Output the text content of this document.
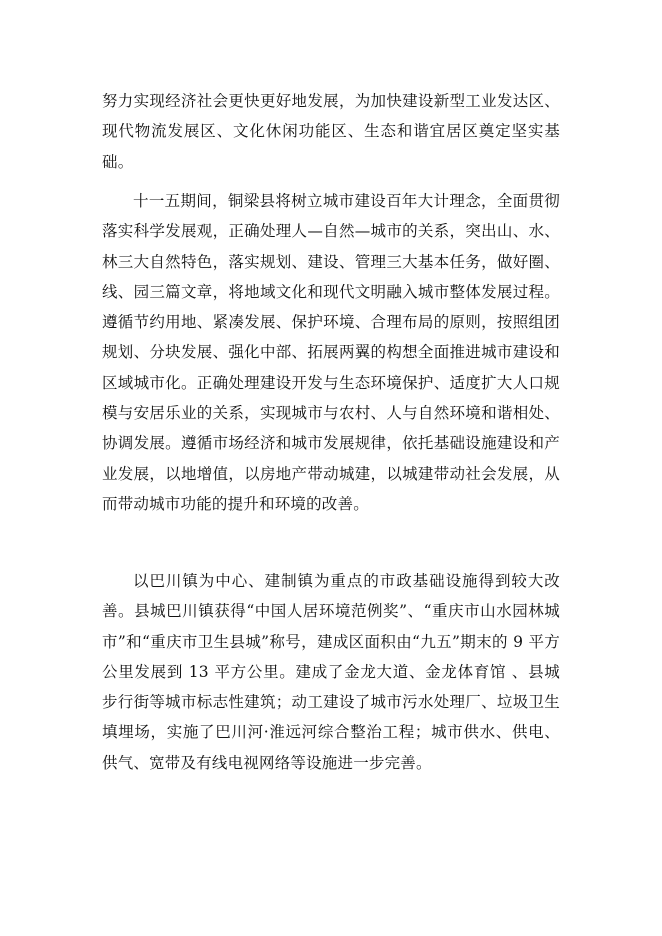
努力实现经济社会更快更好地发展，为加快建设新型工业发达区、现代物流发展区、文化休闲功能区、生态和谐宜居区奠定坚实基础。

十一五期间，铜梁县将树立城市建设百年大计理念，全面贯彻落实科学发展观，正确处理人—自然—城市的关系，突出山、水、林三大自然特色，落实规划、建设、管理三大基本任务，做好圈、线、园三篇文章，将地域文化和现代文明融入城市整体发展过程。遵循节约用地、紧凑发展、保护环境、合理布局的原则，按照组团规划、分块发展、强化中部、拓展两翼的构想全面推进城市建设和区域城市化。正确处理建设开发与生态环境保护、适度扩大人口规模与安居乐业的关系，实现城市与农村、人与自然环境和谐相处、协调发展。遵循市场经济和城市发展规律，依托基础设施建设和产业发展，以地增值，以房地产带动城建，以城建带动社会发展，从而带动城市功能的提升和环境的改善。

以巴川镇为中心、建制镇为重点的市政基础设施得到较大改善。县城巴川镇获得“中国人居环境范例奖”、“重庆市山水园林城市”和“重庆市卫生县城”称号，建成区面积由“九五”期末的 9 平方公里发展到 13 平方公里。建成了金龙大道、金龙体育馆 、县城步行街等城市标志性建筑；动工建设了城市污水处理厂、垃圾卫生填埋场，实施了巴川河·淮远河综合整治工程；城市供水、供电、供气、宽带及有线电视网络等设施进一步完善。
